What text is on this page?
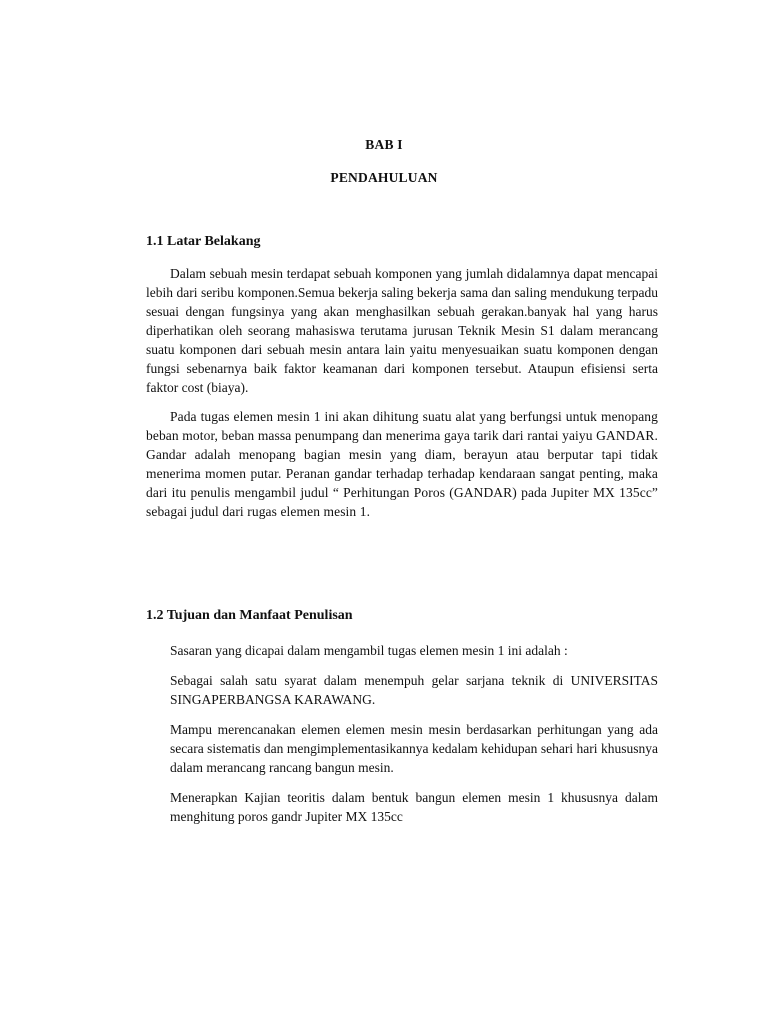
BAB I
PENDAHULUAN
1.1 Latar Belakang

Dalam sebuah mesin terdapat sebuah komponen yang jumlah didalamnya dapat mencapai lebih dari seribu komponen.Semua bekerja saling bekerja sama dan saling mendukung terpadu sesuai dengan fungsinya yang akan menghasilkan sebuah gerakan.banyak hal yang harus diperhatikan oleh seorang mahasiswa terutama jurusan Teknik Mesin S1 dalam merancang suatu komponen dari sebuah mesin antara lain yaitu menyesuaikan suatu komponen dengan fungsi sebenarnya baik faktor keamanan dari komponen tersebut. Ataupun efisiensi serta faktor cost (biaya).

Pada tugas elemen mesin 1 ini akan dihitung suatu alat yang berfungsi untuk menopang beban motor, beban massa penumpang dan menerima gaya tarik dari rantai yaiyu GANDAR. Gandar adalah menopang bagian mesin yang diam, berayun atau berputar tapi tidak menerima momen putar. Peranan gandar terhadap terhadap kendaraan sangat penting, maka dari itu penulis mengambil judul “ Perhitungan Poros (GANDAR) pada Jupiter MX 135cc” sebagai judul dari rugas elemen mesin 1.

1.2 Tujuan dan Manfaat Penulisan

Sasaran yang dicapai dalam mengambil tugas elemen mesin 1 ini adalah :

Sebagai salah satu syarat dalam menempuh gelar sarjana teknik di UNIVERSITAS SINGAPERBANGSA KARAWANG.

Mampu merencanakan elemen elemen mesin mesin berdasarkan perhitungan yang ada secara sistematis dan mengimplementasikannya kedalam kehidupan sehari hari khususnya dalam merancang rancang bangun mesin.

Menerapkan Kajian teoritis dalam bentuk bangun elemen mesin 1 khususnya dalam menghitung poros gandr Jupiter MX 135cc
